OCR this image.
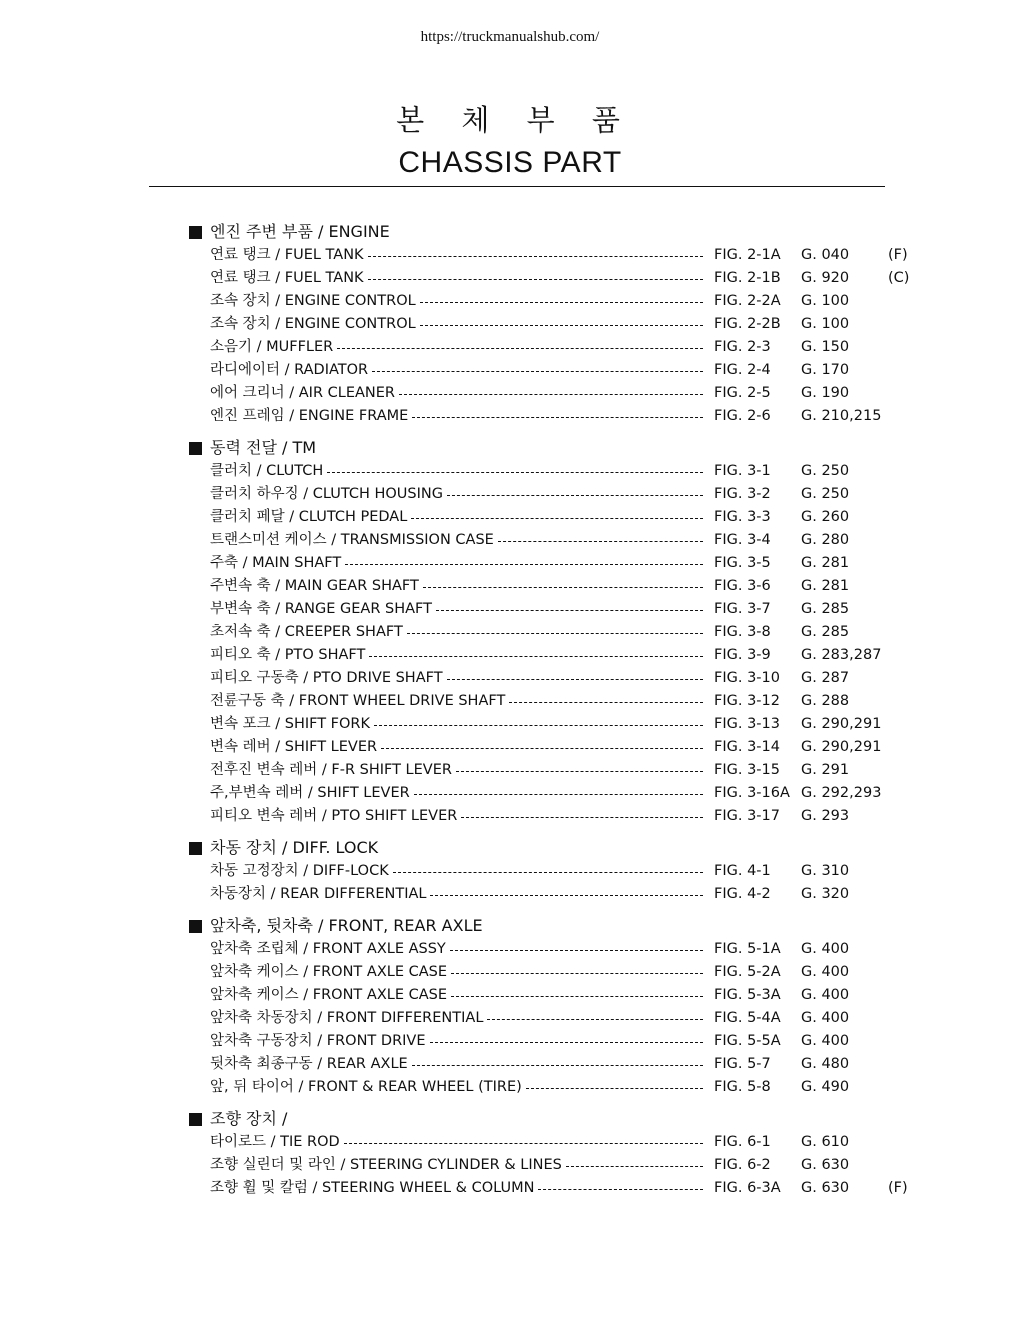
https://truckmanualshub.com/
본 체 부 품
CHASSIS PART
엔진 주변 부품 / ENGINE
연료 탱크 / FUEL TANK	FIG. 2-1A G. 040	(F)
연료 탱크 / FUEL TANK	FIG. 2-1B G. 920	(C)
조속 장치 / ENGINE CONTROL	FIG. 2-2A G. 100
조속 장치 / ENGINE CONTROL	FIG. 2-2B G. 100
소음기 / MUFFLER	FIG. 2-3 G. 150
라디에이터 / RADIATOR	FIG. 2-4 G. 170
에어 크리너 / AIR CLEANER	FIG. 2-5 G. 190
엔진 프레임 / ENGINE FRAME	FIG. 2-6 G. 210,215
동력 전달 / TM
클러치 / CLUTCH	FIG. 3-1 G. 250
클러치 하우징 / CLUTCH HOUSING	FIG. 3-2 G. 250
클러치 페달 / CLUTCH PEDAL	FIG. 3-3 G. 260
트랜스미션 케이스 / TRANSMISSION CASE	FIG. 3-4 G. 280
주축 / MAIN SHAFT	FIG. 3-5 G. 281
주변속 축 / MAIN GEAR SHAFT	FIG. 3-6 G. 281
부변속 축 / RANGE GEAR SHAFT	FIG. 3-7 G. 285
초저속 축 / CREEPER SHAFT	FIG. 3-8 G. 285
피티오 축 / PTO SHAFT	FIG. 3-9 G. 283,287
피티오 구동축 / PTO DRIVE SHAFT	FIG. 3-10 G. 287
전륜구동 축 / FRONT WHEEL DRIVE SHAFT	FIG. 3-12 G. 288
변속 포크 / SHIFT FORK	FIG. 3-13 G. 290,291
변속 레버 / SHIFT LEVER	FIG. 3-14 G. 290,291
전후진 변속 레버 / F-R SHIFT LEVER	FIG. 3-15 G. 291
주,부변속 레버 / SHIFT LEVER	FIG. 3-16A G. 292,293
피티오 변속 레버 / PTO SHIFT LEVER	FIG. 3-17 G. 293
차동 장치 / DIFF. LOCK
차동 고정장치 / DIFF-LOCK	FIG. 4-1 G. 310
차동장치 / REAR DIFFERENTIAL	FIG. 4-2 G. 320
앞차축, 뒷차축 / FRONT, REAR AXLE
앞차축 조립체 / FRONT AXLE ASSY	FIG. 5-1A G. 400
앞차축 케이스 / FRONT AXLE CASE	FIG. 5-2A G. 400
앞차축 케이스 / FRONT AXLE CASE	FIG. 5-3A G. 400
앞차축 차동장치 / FRONT DIFFERENTIAL	FIG. 5-4A G. 400
앞차축 구동장치 / FRONT DRIVE	FIG. 5-5A G. 400
뒷차축 최종구동 / REAR AXLE	FIG. 5-7 G. 480
앞, 뒤 타이어 / FRONT & REAR WHEEL (TIRE)	FIG. 5-8 G. 490
조향 장치 /
타이로드 / TIE ROD	FIG. 6-1 G. 610
조향 실린더 및 라인 / STEERING CYLINDER & LINES	FIG. 6-2 G. 630
조향 휠 및 칼럼 / STEERING WHEEL & COLUMN	FIG. 6-3A G. 630	(F)
